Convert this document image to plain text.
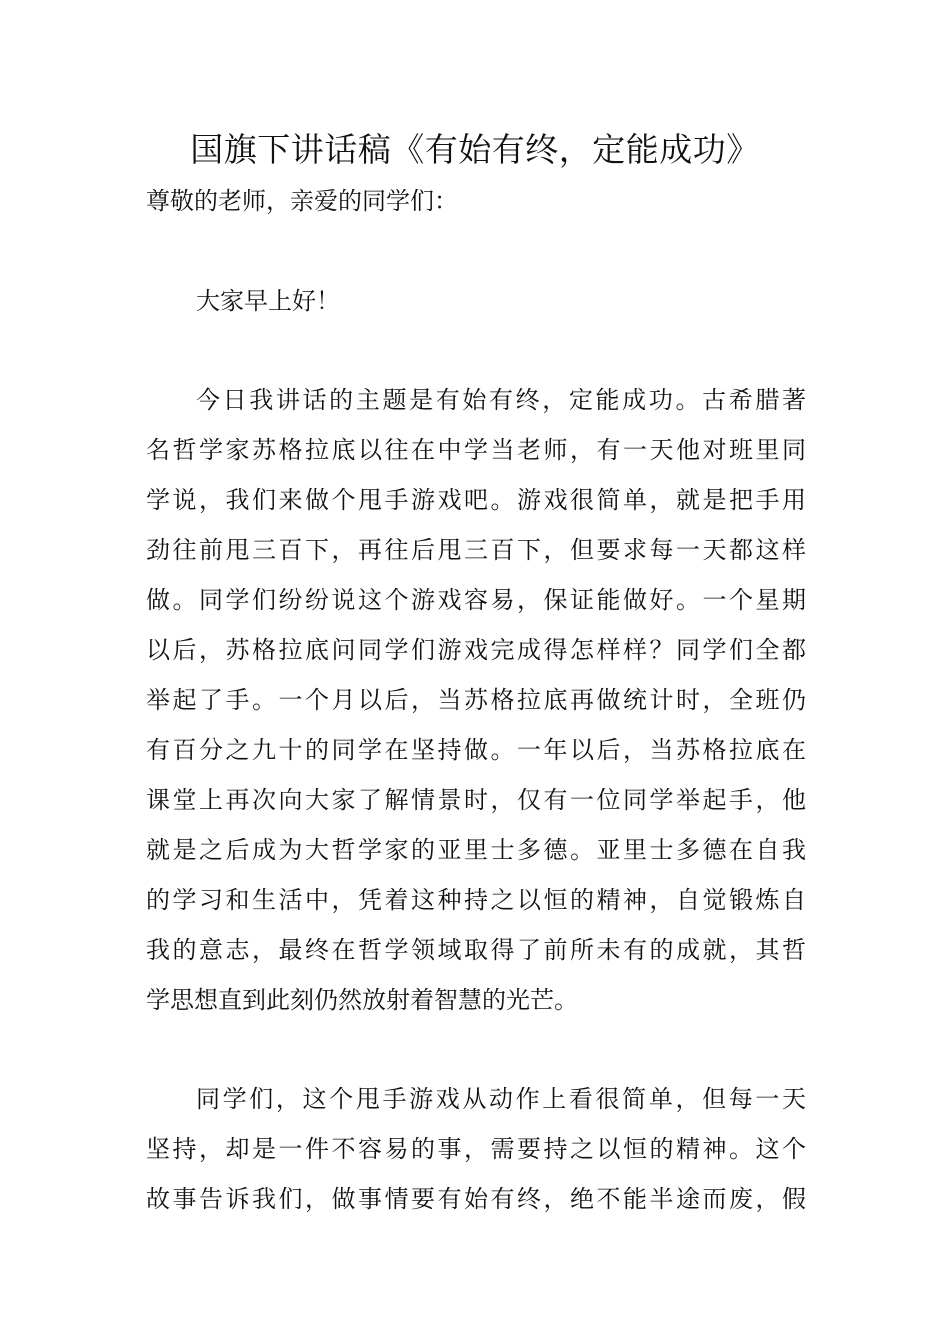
国旗下讲话稿《有始有终，定能成功》
尊敬的老师，亲爱的同学们：
大家早上好！
今日我讲话的主题是有始有终，定能成功。古希腊著
名哲学家苏格拉底以往在中学当老师，有一天他对班里同
学说，我们来做个甩手游戏吧。游戏很简单，就是把手用
劲往前甩三百下，再往后甩三百下，但要求每一天都这样
做。同学们纷纷说这个游戏容易，保证能做好。一个星期
以后，苏格拉底问同学们游戏完成得怎样样？同学们全都
举起了手。一个月以后，当苏格拉底再做统计时，全班仍
有百分之九十的同学在坚持做。一年以后，当苏格拉底在
课堂上再次向大家了解情景时，仅有一位同学举起手，他
就是之后成为大哲学家的亚里士多德。亚里士多德在自我
的学习和生活中，凭着这种持之以恒的精神，自觉锻炼自
我的意志，最终在哲学领域取得了前所未有的成就，其哲
学思想直到此刻仍然放射着智慧的光芒。
同学们，这个甩手游戏从动作上看很简单，但每一天
坚持，却是一件不容易的事，需要持之以恒的精神。这个
故事告诉我们，做事情要有始有终，绝不能半途而废，假
